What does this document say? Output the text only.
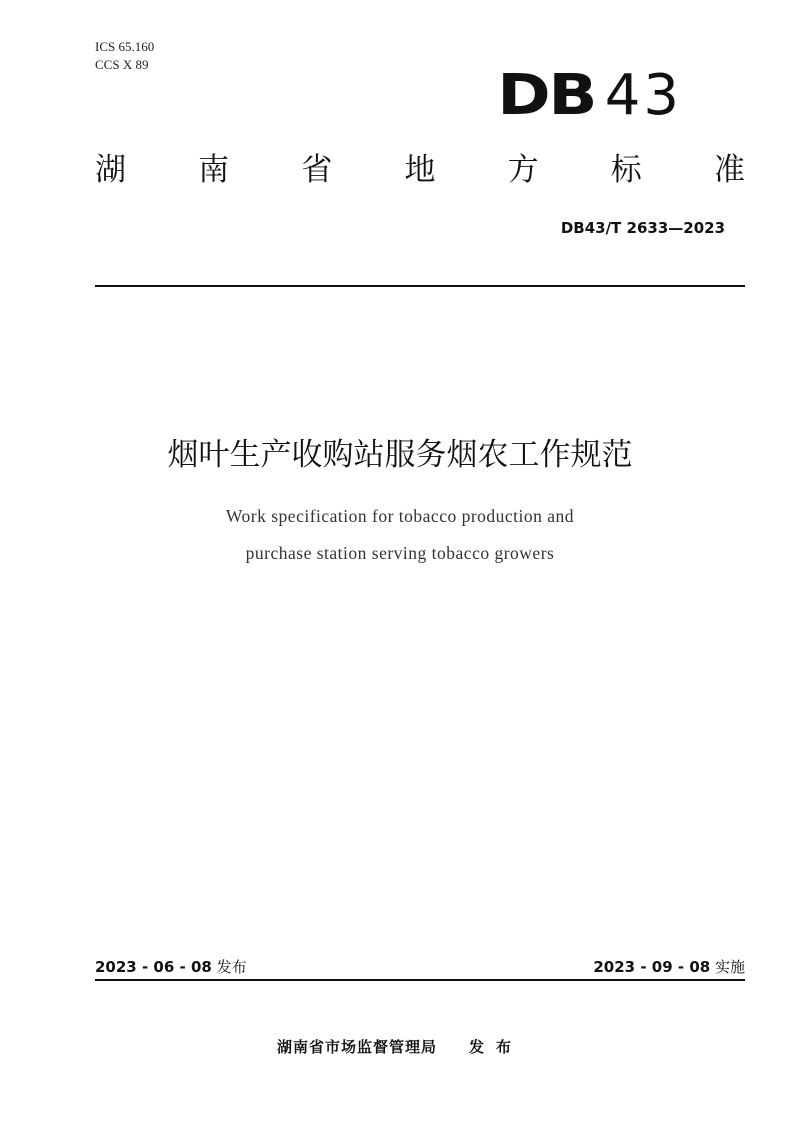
ICS 65.160
CCS X 89	DB 43
湖 南 省 地 方 标 准
DB43/T 2633—2023
烟叶生产收购站服务烟农工作规范
Work specification for tobacco production and
purchase station serving tobacco growers
2023 - 06 - 08 发布	2023 - 09 - 08 实施
湖南省市场监督管理局 发布
